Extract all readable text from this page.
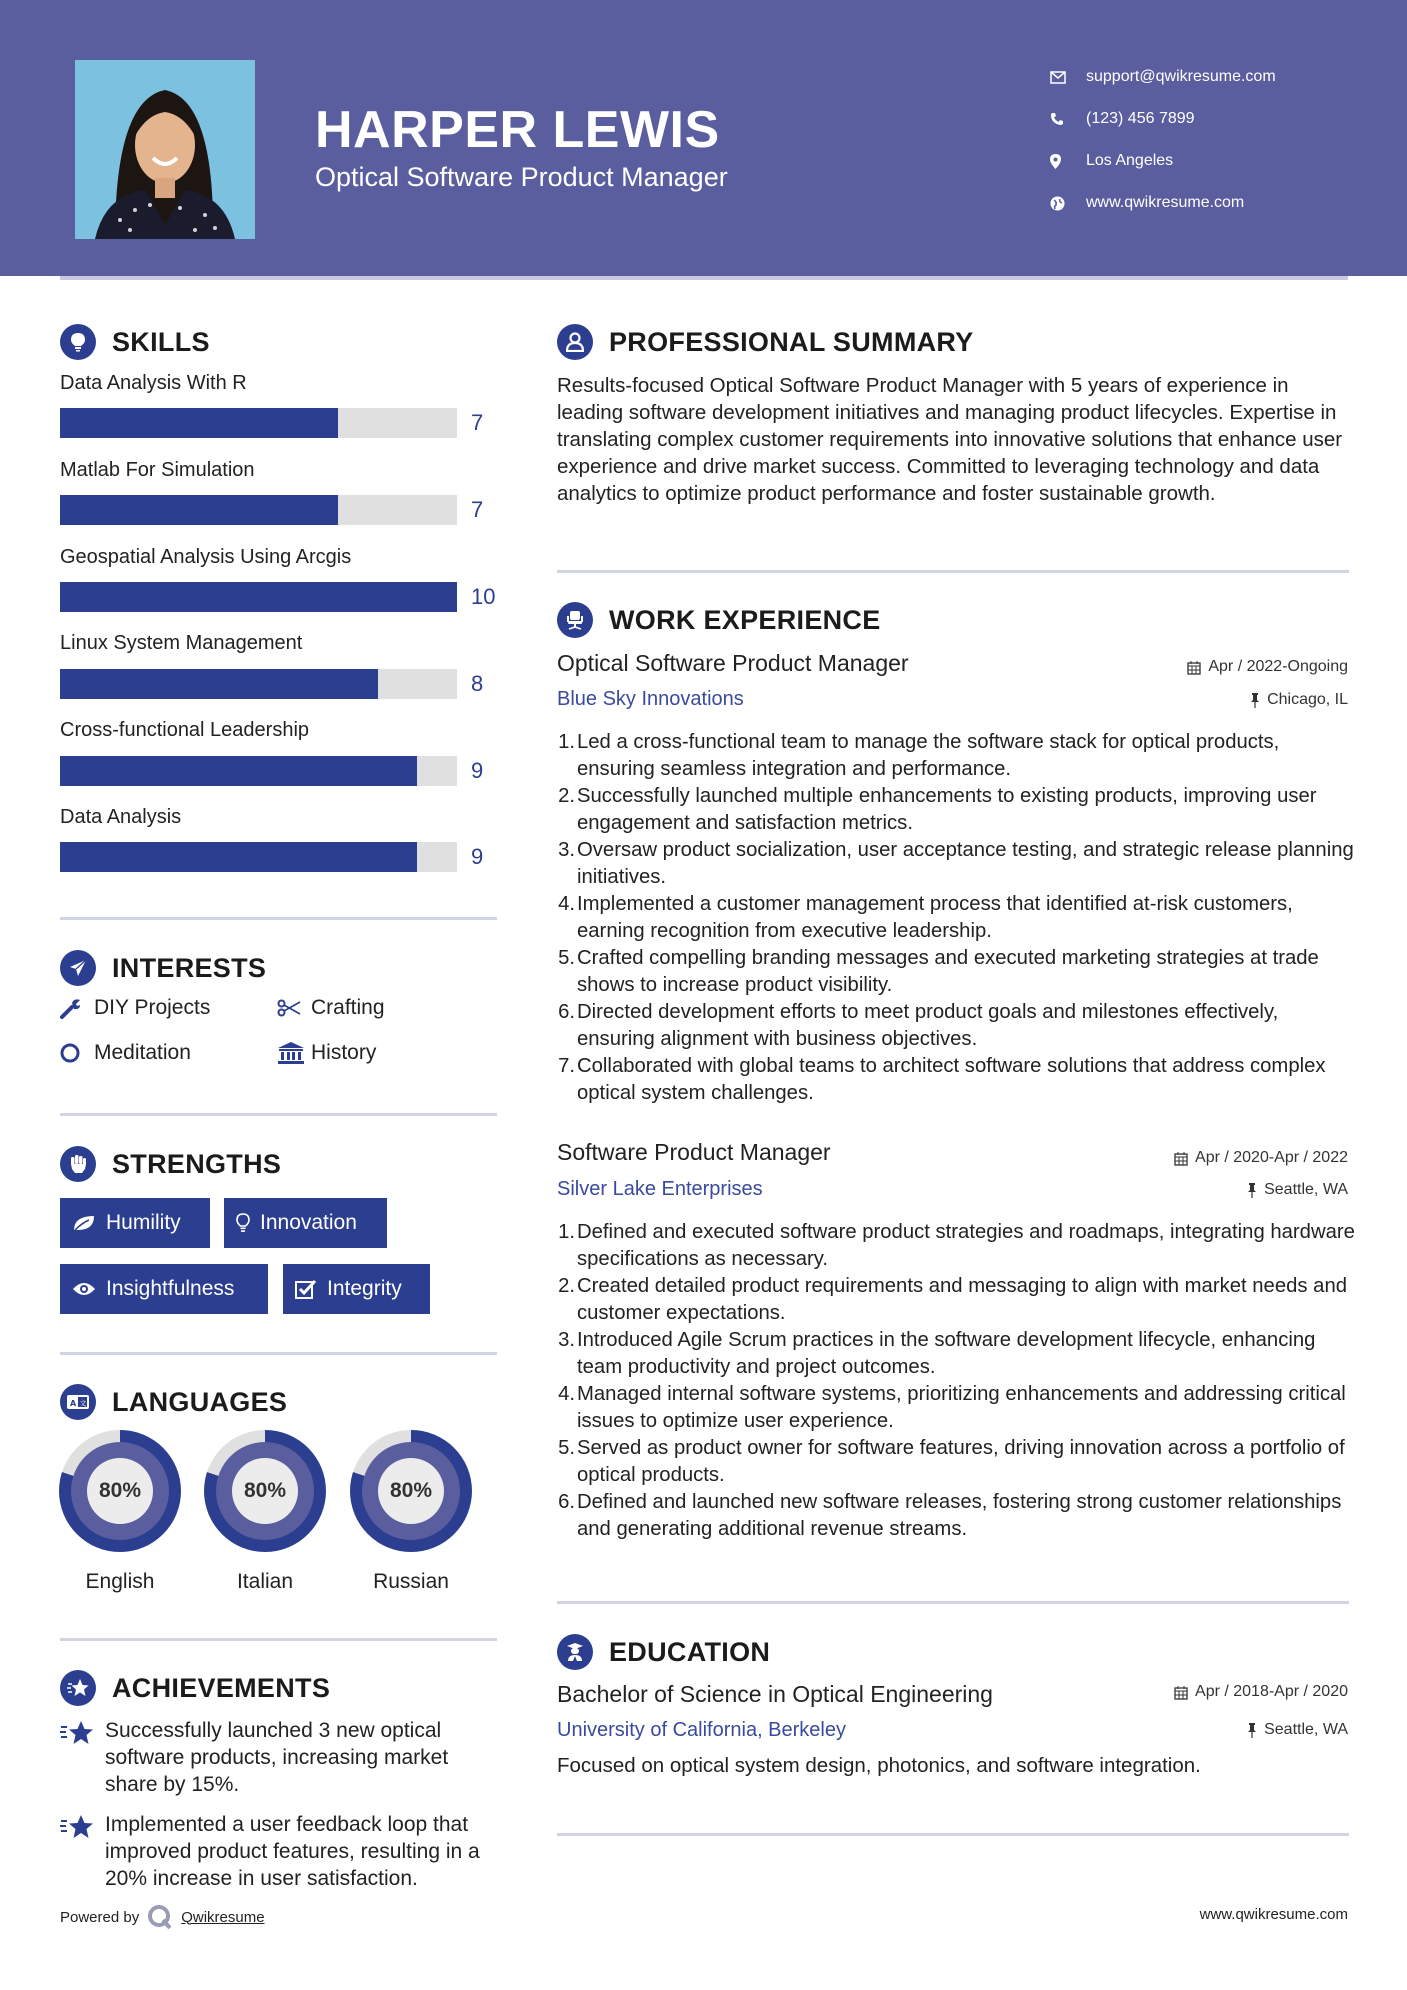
HARPER LEWIS
Optical Software Product Manager
support@qwikresume.com
(123) 456 7899
Los Angeles
www.qwikresume.com
SKILLS
Data Analysis With R
7
Matlab For Simulation
7
Geospatial Analysis Using Arcgis
10
Linux System Management
8
Cross-functional Leadership
9
Data Analysis
9
INTERESTS
DIY Projects	Crafting
Meditation	History
STRENGTHS
Humility	Innovation
Insightfulness	Integrity
A 文 LANGUAGES
80%
English
80%
Italian
80%
Russian
ACHIEVEMENTS
Successfully launched 3 new optical software products, increasing market share by 15%.
Implemented a user feedback loop that improved product features, resulting in a 20% increase in user satisfaction.
PROFESSIONAL SUMMARY
Results-focused Optical Software Product Manager with 5 years of experience in leading software development initiatives and managing product lifecycles. Expertise in translating complex customer requirements into innovative solutions that enhance user experience and drive market success. Committed to leveraging technology and data analytics to optimize product performance and foster sustainable growth.
WORK EXPERIENCE
Optical Software Product Manager	Apr / 2022-Ongoing
Blue Sky Innovations	Chicago, IL
1. Led a cross-functional team to manage the software stack for optical products, ensuring seamless integration and performance.
2. Successfully launched multiple enhancements to existing products, improving user engagement and satisfaction metrics.
3. Oversaw product socialization, user acceptance testing, and strategic release planning initiatives.
4. Implemented a customer management process that identified at-risk customers, earning recognition from executive leadership.
5. Crafted compelling branding messages and executed marketing strategies at trade shows to increase product visibility.
6. Directed development efforts to meet product goals and milestones effectively, ensuring alignment with business objectives.
7. Collaborated with global teams to architect software solutions that address complex optical system challenges.
Software Product Manager	Apr / 2020-Apr / 2022
Silver Lake Enterprises	Seattle, WA
1. Defined and executed software product strategies and roadmaps, integrating hardware specifications as necessary.
2. Created detailed product requirements and messaging to align with market needs and customer expectations.
3. Introduced Agile Scrum practices in the software development lifecycle, enhancing team productivity and project outcomes.
4. Managed internal software systems, prioritizing enhancements and addressing critical issues to optimize user experience.
5. Served as product owner for software features, driving innovation across a portfolio of optical products.
6. Defined and launched new software releases, fostering strong customer relationships and generating additional revenue streams.
EDUCATION
Bachelor of Science in Optical Engineering	Apr / 2018-Apr / 2020
University of California, Berkeley	Seattle, WA
Focused on optical system design, photonics, and software integration.
Powered by	Qwikresume	www.qwikresume.com
